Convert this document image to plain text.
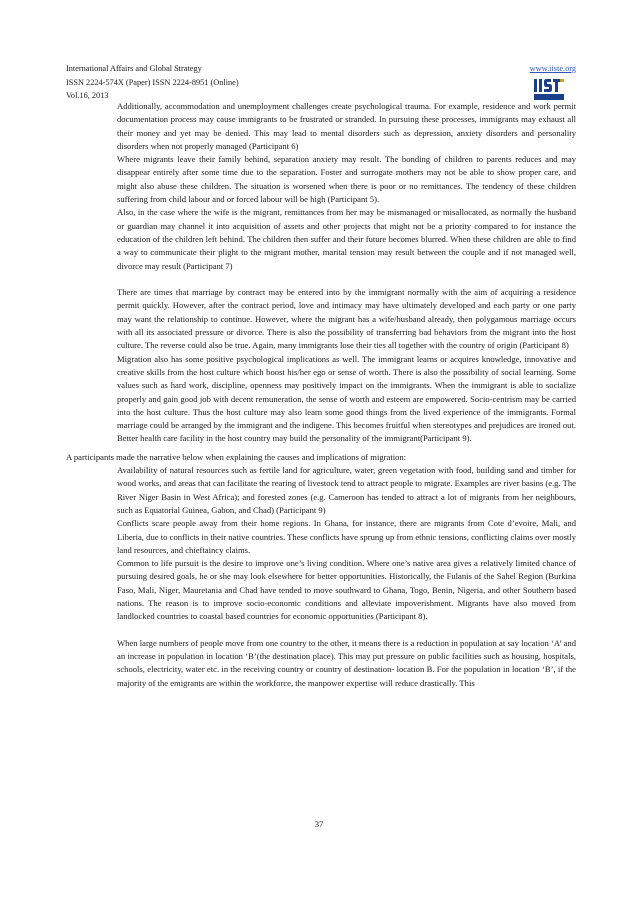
International Affairs and Global Strategy
ISSN 2224-574X (Paper) ISSN 2224-8951 (Online)
Vol.16, 2013
www.iiste.org

Additionally, accommodation and unemployment challenges create psychological trauma. For example, residence and work permit documentation process may cause immigrants to be frustrated or stranded. In pursuing these processes, immigrants may exhaust all their money and yet may be denied. This may lead to mental disorders such as depression, anxiety disorders and personality disorders when not properly managed (Participant 6)

Where migrants leave their family behind, separation anxiety may result. The bonding of children to parents reduces and may disappear entirely after some time due to the separation. Foster and surrogate mothers may not be able to show proper care, and might also abuse these children. The situation is worsened when there is poor or no remittances. The tendency of these children suffering from child labour and or forced labour will be high (Participant 5).

Also, in the case where the wife is the migrant, remittances from her may be mismanaged or misallocated, as normally the husband or guardian may channel it into acquisition of assets and other projects that might not be a priority compared to for instance the education of the children left behind. The children then suffer and their future becomes blurred. When these children are able to find a way to communicate their plight to the migrant mother, marital tension may result between the couple and if not managed well, divorce may result (Participant 7)

There are times that marriage by contract may be entered into by the immigrant normally with the aim of acquiring a residence permit quickly. However, after the contract period, love and intimacy may have ultimately developed and each party or one party may want the relationship to continue. However, where the migrant has a wife/husband already, then polygamous marriage occurs with all its associated pressure or divorce. There is also the possibility of transferring bad behaviors from the migrant into the host culture. The reverse could also be true. Again, many immigrants lose their ties all together with the country of origin (Participant 8)

Migration also has some positive psychological implications as well. The immigrant learns or acquires knowledge, innovative and creative skills from the host culture which boost his/her ego or sense of worth. There is also the possibility of social learning. Some values such as hard work, discipline, openness may positively impact on the immigrants. When the immigrant is able to socialize properly and gain good job with decent remuneration, the sense of worth and esteem are empowered. Socio-centrism may be carried into the host culture. Thus the host culture may also learn some good things from the lived experience of the immigrants. Formal marriage could be arranged by the immigrant and the indigene. This becomes fruitful when stereotypes and prejudices are ironed out. Better health care facility in the host country may build the personality of the immigrant(Participant 9).

A participants made the narrative below when explaining the causes and implications of migration:

Availability of natural resources such as fertile land for agriculture, water, green vegetation with food, building sand and timber for wood works, and areas that can facilitate the rearing of livestock tend to attract people to migrate. Examples are river basins (e.g. The River Niger Basin in West Africa); and forested zones (e.g. Cameroon has tended to attract a lot of migrants from her neighbours, such as Equatorial Guinea, Gabon, and Chad) (Participant 9)

Conflicts scare people away from their home regions. In Ghana, for instance, there are migrants from Cote d’evoire, Mali, and Liberia, due to conflicts in their native countries. These conflicts have sprung up from ethnic tensions, conflicting claims over mostly land resources, and chieftaincy claims.

Common to life pursuit is the desire to improve one’s living condition. Where one’s native area gives a relatively limited chance of pursuing desired goals, he or she may look elsewhere for better opportunities. Historically, the Fulanis of the Sahel Region (Burkina Faso, Mali, Niger, Mauretania and Chad have tended to move southward to Ghana, Togo, Benin, Nigeria, and other Southern based nations. The reason is to improve socio-economic conditions and alleviate impoverishment. Migrants have also moved from landlocked countries to coastal based countries for economic opportunities (Participant 8).

When large numbers of people move from one country to the other, it means there is a reduction in population at say location ‘A’ and an increase in population in location ‘B’(the destination place). This may put pressure on public facilities such as housing, hospitals, schools, electricity, water etc. in the receiving country or country of destination- location B. For the population in location ‘B’, if the majority of the emigrants are within the workforce, the manpower expertise will reduce drastically. This

37
